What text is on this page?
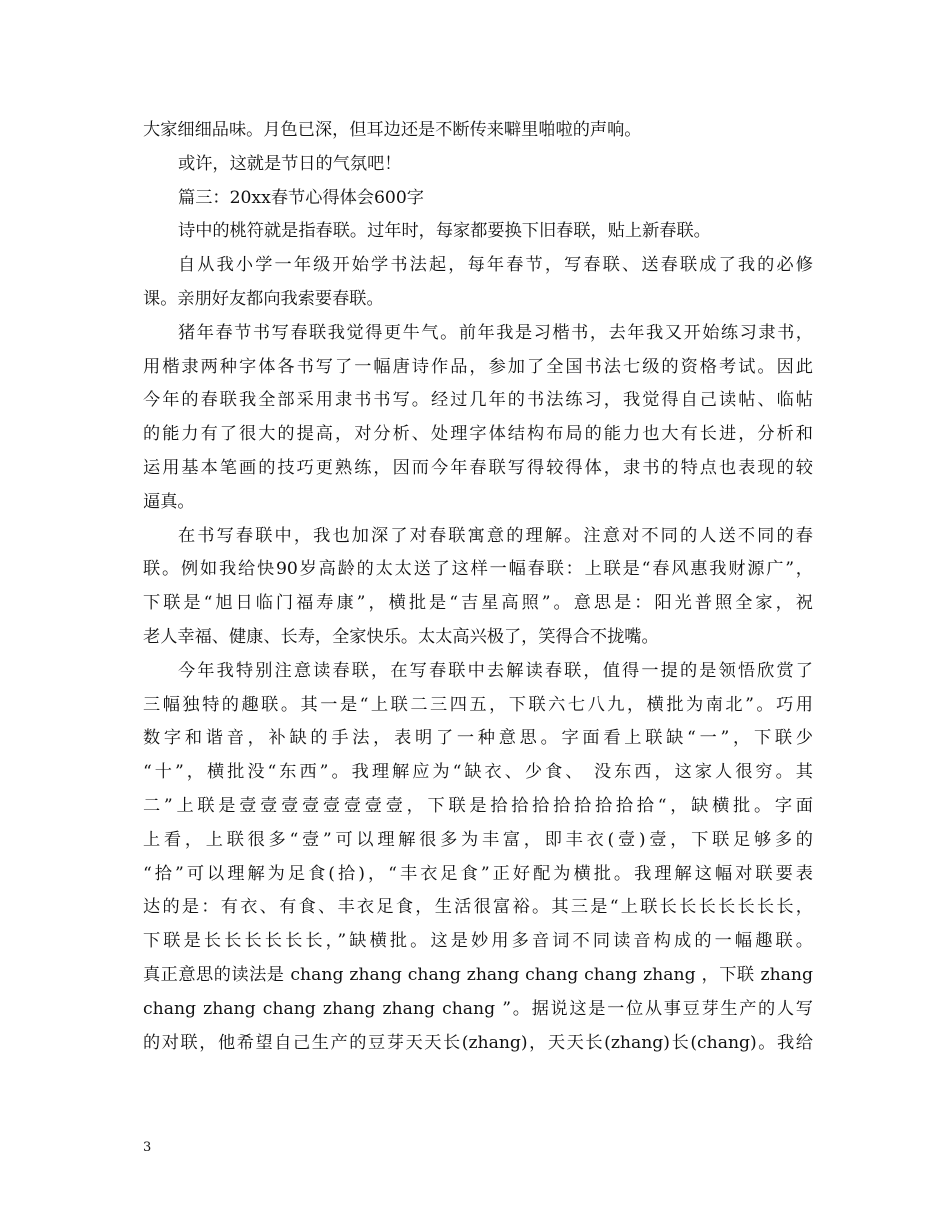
大家细细品味。月色已深，但耳边还是不断传来噼里啪啦的声响。
或许，这就是节日的气氛吧！
篇三：20xx春节心得体会600字
诗中的桃符就是指春联。过年时，每家都要换下旧春联，贴上新春联。
自从我小学一年级开始学书法起，每年春节，写春联、送春联成了我的必修
课。亲朋好友都向我索要春联。
猪年春节书写春联我觉得更牛气。前年我是习楷书，去年我又开始练习隶书，
用楷隶两种字体各书写了一幅唐诗作品，参加了全国书法七级的资格考试。因此
今年的春联我全部采用隶书书写。经过几年的书法练习，我觉得自己读帖、临帖
的能力有了很大的提高，对分析、处理字体结构布局的能力也大有长进，分析和
运用基本笔画的技巧更熟练，因而今年春联写得较得体，隶书的特点也表现的较
逼真。
在书写春联中，我也加深了对春联寓意的理解。注意对不同的人送不同的春
联。例如我给快90岁高龄的太太送了这样一幅春联：上联是“春风惠我财源广”，
下联是“旭日临门福寿康”，横批是“吉星高照”。意思是：阳光普照全家，祝
老人幸福、健康、长寿，全家快乐。太太高兴极了，笑得合不拢嘴。
今年我特别注意读春联，在写春联中去解读春联，值得一提的是领悟欣赏了
三幅独特的趣联。其一是“上联二三四五，下联六七八九，横批为南北”。巧用
数字和谐音，补缺的手法，表明了一种意思。字面看上联缺“一”，下联少
“十”，横批没“东西”。我理解应为“缺衣、少食、 没东西，这家人很穷。其
二”上联是壹壹壹壹壹壹壹壹，下联是拾拾拾拾拾拾拾拾“，缺横批。字面
上看，上联很多“壹”可以理解很多为丰富，即丰衣(壹)壹，下联足够多的
“拾”可以理解为足食(拾)，“丰衣足食”正好配为横批。我理解这幅对联要表
达的是：有衣、有食、丰衣足食，生活很富裕。其三是“上联长长长长长长长，
下联是长长长长长长，”缺横批。这是妙用多音词不同读音构成的一幅趣联。
真正意思的读法是 chang zhang chang zhang chang chang zhang ，下联 zhang
chang zhang chang zhang zhang chang ”。据说这是一位从事豆芽生产的人写
的对联，他希望自己生产的豆芽天天长(zhang)，天天长(zhang)长(chang)。我给
3
